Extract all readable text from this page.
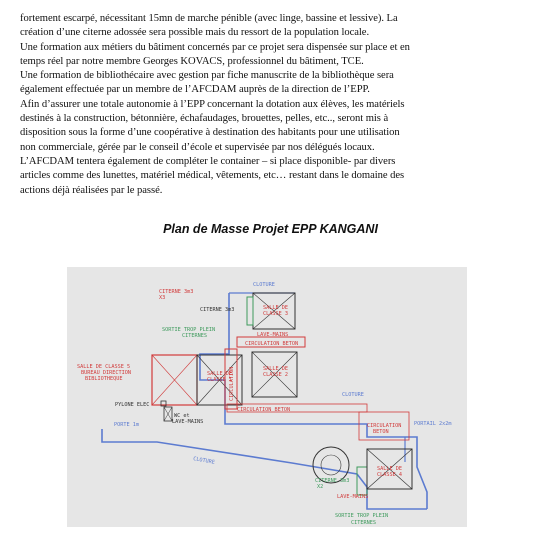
fortement escarpé, nécessitant 15mn de marche pénible (avec linge, bassine et lessive). La
création d’une citerne adossée sera possible mais du ressort de la population locale.
Une formation aux métiers du bâtiment concernés par ce projet sera dispensée sur place et en
temps réel par notre membre Georges KOVACS, professionnel du bâtiment, TCE.
Une formation de bibliothécaire avec gestion par fiche manuscrite de la bibliothèque sera
également effectuée par un membre de l’AFCDAM auprès de la direction de l’EPP.
Afin d’assurer une totale autonomie à l’EPP concernant la dotation aux élèves, les matériels
destinés à la construction, bétonnière, échafaudages, brouettes, pelles, etc.., seront mis à
disposition sous la forme d’une coopérative à destination des habitants pour une utilisation
non commerciale, gérée par le conseil d’école et supervisée par nos délégués locaux.
L’AFCDAM tentera également de compléter le container – si place disponible- par divers
articles comme des lunettes, matériel médical, vêtements, etc… restant dans le domaine des
actions déjà réalisées par le passé.
Plan de Masse Projet EPP KANGANI
SALLE DE
CLASSE 3
CITERNE 3m3
X3
CITERNE 3m3
CLOTURE
SORTIE TROP PLEIN
CITERNES	LAVE-MAINS
CIRCULATION BETON
SALLE DE CLASSE 5
BUREAU DIRECTION
BIBLIOTHEQUE
SALLE DE
CLASSE 1
CIRCULATION	SALLE DE
CLASSE 2
CLOTURE
PYLONE ELEC
WC et
LAVE-MAINS
CIRCULATION BETON
PORTE 1m	CIRCULATION
BETON
PORTAIL 2x2m
CLOTURE
CITERNE 3m3
X2
SALLE DE
CLASSE 4
LAVE-MAINS
SORTIE TROP PLEIN
CITERNES
